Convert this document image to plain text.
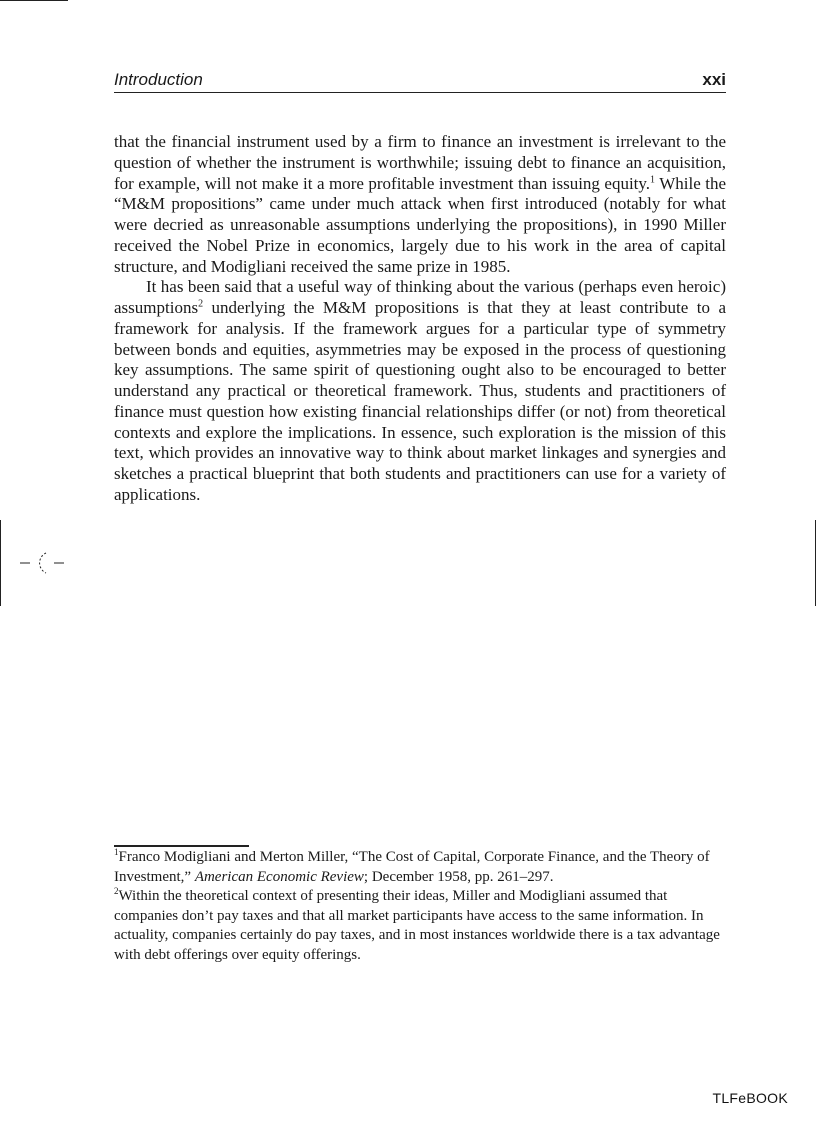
Introduction	xxi

that the financial instrument used by a firm to finance an investment is irrelevant to the question of whether the instrument is worthwhile; issuing debt to finance an acquisition, for example, will not make it a more profitable investment than issuing equity.$^1$ While the “M&M propositions” came under much attack when first introduced (notably for what were decried as unreasonable assumptions underlying the propositions), in 1990 Miller received the Nobel Prize in economics, largely due to his work in the area of capital structure, and Modigliani received the same prize in 1985.

It has been said that a useful way of thinking about the various (perhaps even heroic) assumptions$^2$ underlying the M&M propositions is that they at least contribute to a framework for analysis. If the framework argues for a particular type of symmetry between bonds and equities, asymmetries may be exposed in the process of questioning key assumptions. The same spirit of questioning ought also to be encouraged to better understand any practical or theoretical framework. Thus, students and practitioners of finance must question how existing financial relationships differ (or not) from theoretical contexts and explore the implications. In essence, such exploration is the mission of this text, which provides an innovative way to think about market linkages and synergies and sketches a practical blueprint that both students and practitioners can use for a variety of applications.

$^1$Franco Modigliani and Merton Miller, “The Cost of Capital, Corporate Finance, and the Theory of Investment,” American Economic Review; December 1958, pp. 261–297.

$^2$Within the theoretical context of presenting their ideas, Miller and Modigliani assumed that companies don’t pay taxes and that all market participants have access to the same information. In actuality, companies certainly do pay taxes, and in most instances worldwide there is a tax advantage with debt offerings over equity offerings.

TLFeBOOK
